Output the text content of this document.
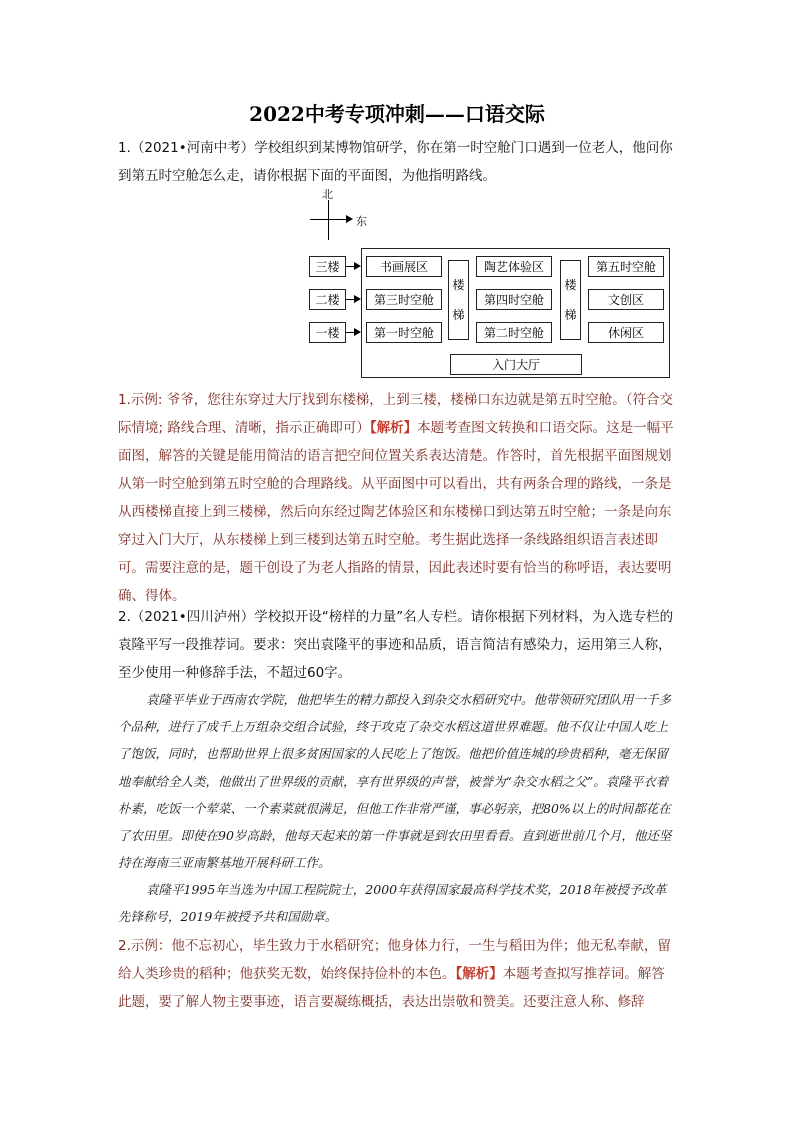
2022中考专项冲刺——口语交际

1.（2021•河南中考）学校组织到某博物馆研学，你在第一时空舱门口遇到一位老人，他问你到第五时空舱怎么走，请你根据下面的平面图，为他指明路线。

北
东
三楼
二楼
一楼
书画展区
第三时空舱
第一时空舱
楼
梯
陶艺体验区
第四时空舱
第二时空舱
楼
梯
第五时空舱
文创区
休闲区
入门大厅

1.示例: 爷爷，您往东穿过大厅找到东楼梯，上到三楼，楼梯口东边就是第五时空舱。（符合交际情境; 路线合理、清晰，指示正确即可）【解析】本题考查图文转换和口语交际。这是一幅平面图，解答的关键是能用简洁的语言把空间位置关系表达清楚。作答时，首先根据平面图规划从第一时空舱到第五时空舱的合理路线。从平面图中可以看出，共有两条合理的路线，一条是从西楼梯直接上到三楼梯，然后向东经过陶艺体验区和东楼梯口到达第五时空舱；一条是向东穿过入门大厅，从东楼梯上到三楼到达第五时空舱。考生据此选择一条线路组织语言表述即可。需要注意的是，题干创设了为老人指路的情景，因此表述时要有恰当的称呼语，表达要明确、得体。

2.（2021•四川泸州）学校拟开设“榜样的力量”名人专栏。请你根据下列材料，为入选专栏的袁隆平写一段推荐词。要求：突出袁隆平的事迹和品质，语言简洁有感染力，运用第三人称，至少使用一种修辞手法，不超过60字。

袁隆平毕业于西南农学院，他把毕生的精力都投入到杂交水稻研究中。他带领研究团队用一千多个品种，进行了成千上万组杂交组合试验，终于攻克了杂交水稻这道世界难题。他不仅让中国人吃上了饱饭，同时，也帮助世界上很多贫困国家的人民吃上了饱饭。他把价值连城的珍贵稻种，毫无保留地奉献给全人类，他做出了世界级的贡献，享有世界级的声誉，被誉为“杂交水稻之父”。袁隆平衣着朴素，吃饭一个荤菜、一个素菜就很满足，但他工作非常严谨，事必躬亲，把80%以上的时间都花在了农田里。即使在90岁高龄，他每天起来的第一件事就是到农田里看看。直到逝世前几个月，他还坚持在海南三亚南繁基地开展科研工作。

袁隆平1995年当选为中国工程院院士，2000年获得国家最高科学技术奖，2018年被授予改革先锋称号，2019年被授予共和国勋章。

2.示例：他不忘初心，毕生致力于水稻研究；他身体力行，一生与稻田为伴；他无私奉献，留给人类珍贵的稻种；他获奖无数，始终保持俭朴的本色。【解析】本题考查拟写推荐词。解答此题，要了解人物主要事迹，语言要凝练概括，表达出崇敬和赞美。还要注意人称、修辞
